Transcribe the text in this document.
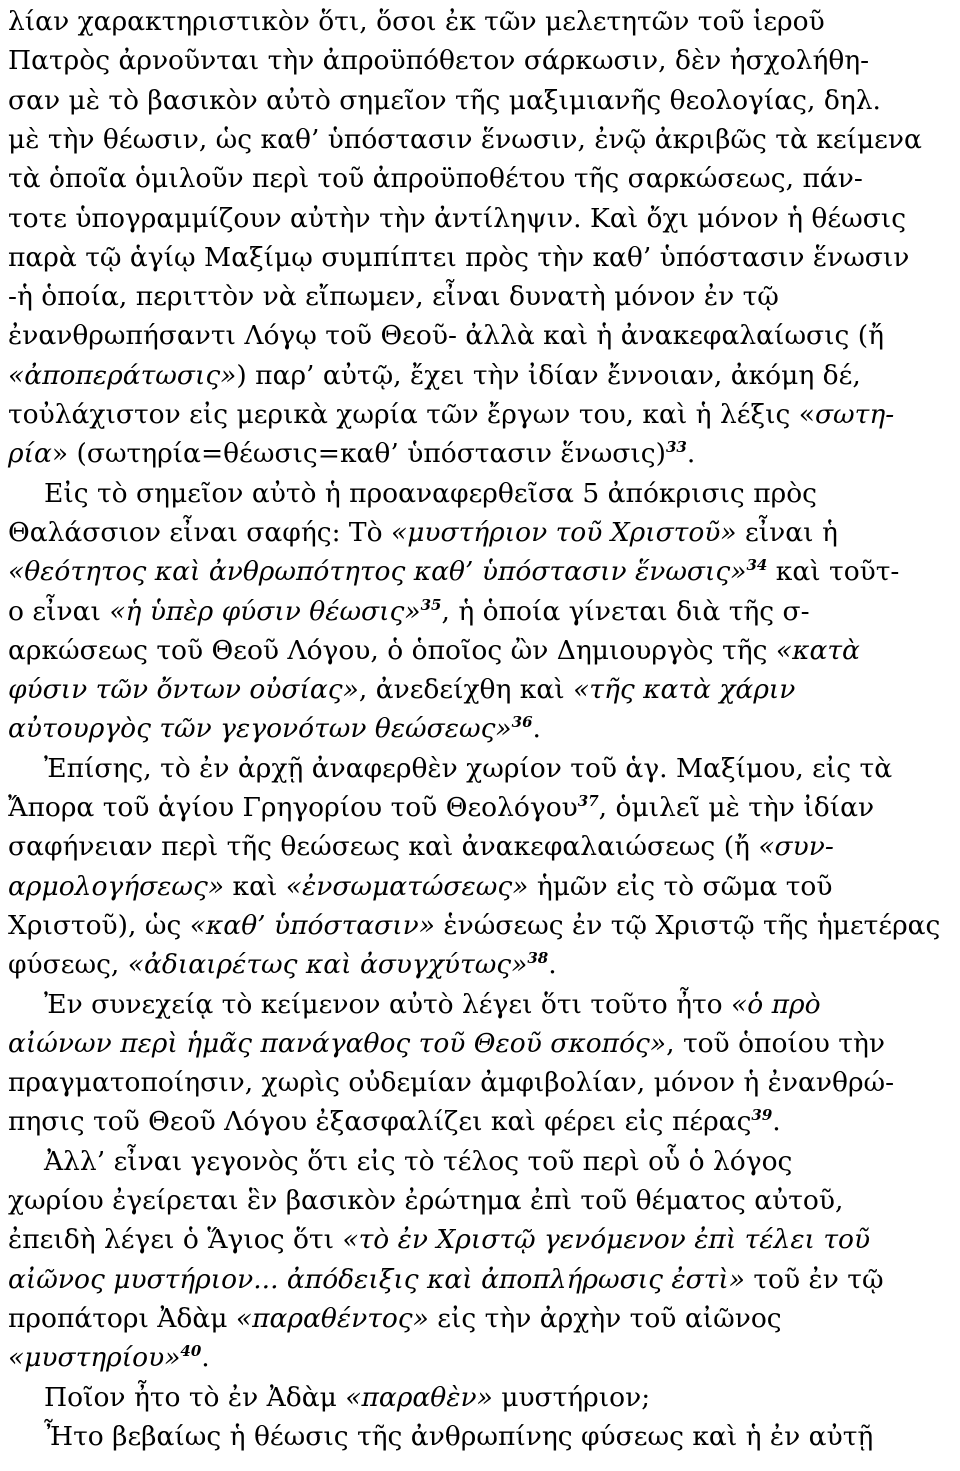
λίαν χαρακτηριστικὸν ὅτι, ὅσοι ἐκ τῶν μελετητῶν τοῦ ἱεροῦ
Πατρὸς ἀρνοῦνται τὴν ἀπροϋπόθετον σάρκωσιν, δὲν ἠσχολήθη-
σαν μὲ τὸ βασικὸν αὐτὸ σημεῖον τῆς μαξιμιανῆς θεολογίας, δηλ.
μὲ τὴν θέωσιν, ὡς καθ’ ὑπόστασιν ἕνωσιν, ἐνῷ ἀκριβῶς τὰ κείμενα
τὰ ὁποῖα ὁμιλοῦν περὶ τοῦ ἀπροϋποθέτου τῆς σαρκώσεως, πάν-
τοτε ὑπογραμμίζουν αὐτὴν τὴν ἀντίληψιν. Καὶ ὄχι μόνον ἡ θέωσις
παρὰ τῷ ἁγίῳ Μαξίμῳ συμπίπτει πρὸς τὴν καθ’ ὑπόστασιν ἕνωσιν
-ἡ ὁποία, περιττὸν νὰ εἴπωμεν, εἶναι δυνατὴ μόνον ἐν τῷ
ἐνανθρωπήσαντι Λόγῳ τοῦ Θεοῦ- ἀλλὰ καὶ ἡ ἀνακεφαλαίωσις (ἤ
«ἀποπεράτωσις») παρ’ αὐτῷ, ἔχει τὴν ἰδίαν ἔννοιαν, ἀκόμη δέ,
τοὐλάχιστον εἰς μερικὰ χωρία τῶν ἔργων του, καὶ ἡ λέξις «σωτη-
ρία» (σωτηρία=θέωσις=καθ’ ὑπόστασιν ἕνωσις)$^{33}$.
Εἰς τὸ σημεῖον αὐτὸ ἡ προαναφερθεῖσα 5 ἀπόκρισις πρὸς
Θαλάσσιον εἶναι σαφής: Τὸ «μυστήριον τοῦ Χριστοῦ» εἶναι ἡ
«θεότητος καὶ ἀνθρωπότητος καθ’ ὑπόστασιν ἕνωσις»$^{34}$ καὶ τοῦτ-
ο εἶναι «ἡ ὑπὲρ φύσιν θέωσις»$^{35}$, ἡ ὁποία γίνεται διὰ τῆς σ-
αρκώσεως τοῦ Θεοῦ Λόγου, ὁ ὁποῖος ὢν Δημιουργὸς τῆς «κατὰ
φύσιν τῶν ὄντων οὐσίας», ἀνεδείχθη καὶ «τῆς κατὰ χάριν
αὐτουργὸς τῶν γεγονότων θεώσεως»$^{36}$.
Ἐπίσης, τὸ ἐν ἀρχῇ ἀναφερθὲν χωρίον τοῦ ἁγ. Μαξίμου, εἰς τὰ
Ἄπορα τοῦ ἁγίου Γρηγορίου τοῦ Θεολόγου$^{37}$, ὁμιλεῖ μὲ τὴν ἰδίαν
σαφήνειαν περὶ τῆς θεώσεως καὶ ἀνακεφαλαιώσεως (ἤ «συν-
αρμολογήσεως» καὶ «ἐνσωματώσεως» ἡμῶν εἰς τὸ σῶμα τοῦ
Χριστοῦ), ὡς «καθ’ ὑπόστασιν» ἑνώσεως ἐν τῷ Χριστῷ τῆς ἡμετέρας
φύσεως, «ἀδιαιρέτως καὶ ἀσυγχύτως»$^{38}$.
Ἐν συνεχείᾳ τὸ κείμενον αὐτὸ λέγει ὅτι τοῦτο ἦτο «ὁ πρὸ
αἰώνων περὶ ἡμᾶς πανάγαθος τοῦ Θεοῦ σκοπός», τοῦ ὁποίου τὴν
πραγματοποίησιν, χωρὶς οὐδεμίαν ἀμφιβολίαν, μόνον ἡ ἐνανθρώ-
πησις τοῦ Θεοῦ Λόγου ἐξασφαλίζει καὶ φέρει εἰς πέρας$^{39}$.
Ἀλλ’ εἶναι γεγονὸς ὅτι εἰς τὸ τέλος τοῦ περὶ οὗ ὁ λόγος
χωρίου ἐγείρεται ἓν βασικὸν ἐρώτημα ἐπὶ τοῦ θέματος αὐτοῦ,
ἐπειδὴ λέγει ὁ Ἅγιος ὅτι «τὸ ἐν Χριστῷ γενόμενον ἐπὶ τέλει τοῦ
αἰῶνος μυστήριον... ἀπόδειξις καὶ ἀποπλήρωσις ἐστὶ» τοῦ ἐν τῷ
προπάτορι Ἀδὰμ «παραθέντος» εἰς τὴν ἀρχὴν τοῦ αἰῶνος
«μυστηρίου»$^{40}$.
Ποῖον ἦτο τὸ ἐν Ἀδὰμ «παραθὲν» μυστήριον;
Ἦτο βεβαίως ἡ θέωσις τῆς ἀνθρωπίνης φύσεως καὶ ἡ ἐν αὐτῇ
